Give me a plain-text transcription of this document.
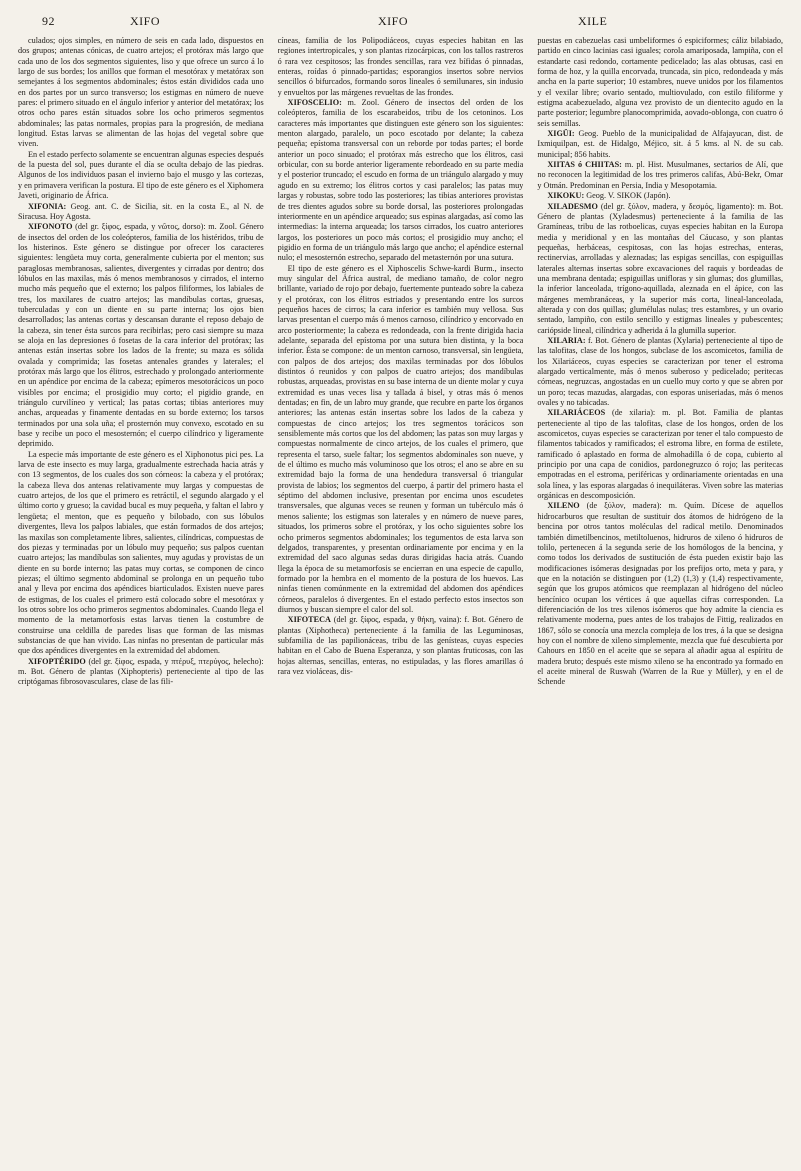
92	XIFO	XIFO	XILE

culados; ojos simples, en número de seis en cada lado, dispuestos en dos grupos; antenas cónicas, de cuatro artejos; el protórax más largo que cada uno de los dos segmentos siguientes, liso y que ofrece un surco á lo largo de sus bordes; los anillos que forman el mesotórax y metatórax son semejantes á los segmentos abdominales; éstos están divididos cada uno en dos partes por un surco transverso; los estigmas en número de nueve pares: el primero situado en el ángulo inferior y anterior del metatórax; los otros ocho pares están situados sobre los ocho primeros segmentos abdominales; las patas normales, propias para la progresión, de mediana longitud. Estas larvas se alimentan de las hojas del vegetal sobre que viven.

En el estado perfecto solamente se encuentran algunas especies después de la puesta del sol, pues durante el día se oculta debajo de las piedras. Algunos de los individuos pasan el invierno bajo el musgo y las cortezas, y en primavera verifican la postura. El tipo de este género es el Xiphomera Javeti, originario de África.

XIFONIA: Geog. ant. C. de Sicilia, sit. en la costa E., al N. de Siracusa. Hoy Agosta.

XIFONOTO (del gr. ξίφος, espada, y νῶτος, dorso): m. Zool. Género de insectos del orden de los coleópteros, familia de los histéridos, tribu de los histerinos. Este género se distingue por ofrecer los caracteres siguientes: lengüeta muy corta, generalmente cubierta por el menton; sus paraglosas membranosas, salientes, divergentes y cirradas por dentro; dos lóbulos en las maxilas, más ó menos membranosos y cirrados, el interno mucho más pequeño que el externo; los palpos filiformes, los labiales de tres, los maxilares de cuatro artejos; las mandíbulas cortas, gruesas, tuberculadas y con un diente en su parte interna; los ojos bien desarrollados; las antenas cortas y descansan durante el reposo debajo de la cabeza, sin tener ésta surcos para recibirlas; pero casi siempre su maza se aloja en las depresiones ó fosetas de la cara inferior del protórax; las antenas están insertas sobre los lados de la frente; su maza es sólida ovalada y comprimida; las fosetas antenales grandes y laterales; el protórax más largo que los élitros, estrechado y prolongado anteriormente en un apéndice por encima de la cabeza; epímeros mesotorácicos un poco visibles por encima; el prosigidio muy corto; el pigidio grande, en triángulo curvilíneo y vertical; las patas cortas; tibias anteriores muy anchas, arqueadas y finamente dentadas en su borde externo; los tarsos terminados por una sola uña; el prosternón muy convexo, escotado en su base y recibe un poco el mesosternón; el cuerpo cilíndrico y ligeramente deprimido.

La especie más importante de este género es el Xiphonotus pici pes. La larva de este insecto es muy larga, gradualmente estrechada hacia atrás y con 13 segmentos, de los cuales dos son córneos: la cabeza y el protórax; la cabeza lleva dos antenas relativamente muy largas y compuestas de cuatro artejos, de los que el primero es retráctil, el segundo alargado y el último corto y grueso; la cavidad bucal es muy pequeña, y faltan el labro y lengüeta; el menton, que es pequeño y bilobado, con sus lóbulos divergentes, lleva los palpos labiales, que están formados de dos artejos; las maxilas son completamente libres, salientes, cilíndricas, compuestas de dos piezas y terminadas por un lóbulo muy pequeño; sus palpos cuentan cuatro artejos; las mandíbulas son salientes, muy agudas y provistas de un diente en su borde interno; las patas muy cortas, se componen de cinco piezas; el último segmento abdominal se prolonga en un pequeño tubo anal y lleva por encima dos apéndices biarticulados. Existen nueve pares de estigmas, de los cuales el primero está colocado sobre el mesotórax y los otros sobre los ocho primeros segmentos abdominales. Cuando llega el momento de la metamorfosis estas larvas tienen la costumbre de construirse una celdilla de paredes lisas que forman de las mismas substancias de que han vivido. Las ninfas no presentan de particular más que dos apéndices divergentes en la extremidad del abdomen.

XIFOPTÉRIDO (del gr. ξίφος, espada, y πτέρυξ, πτερύγος, helecho): m. Bot. Género de plantas (Xiphopteris) perteneciente al tipo de las criptógamas fibrosovasculares, clase de las fili-

cíneas, familia de los Polipodiáceos, cuyas especies habitan en las regiones intertropicales, y son plantas rizocárpicas, con los tallos rastreros ó rara vez cespitosos; las frondes sencillas, rara vez bífidas ó pinnadas, enteras, roídas ó pinnado-partidas; esporangios insertos sobre nervios sencillos ó bifurcados, formando soros lineales ó semilunares, sin indusio y envueltos por las márgenes revueltas de las frondes.

XIFOSCELIO: m. Zool. Género de insectos del orden de los coleópteros, familia de los escarabeidos, tribu de los cetoninos. Los caracteres más importantes que distinguen este género son los siguientes: menton alargado, paralelo, un poco escotado por delante; la cabeza pequeña; epístoma transversal con un reborde por todas partes; el borde anterior un poco sinuado; el protórax más estrecho que los élitros, casi orbicular, con su borde anterior ligeramente rebordeado en su parte media y el posterior truncado; el escudo en forma de un triángulo alargado y muy agudo en su extremo; los élitros cortos y casi paralelos; las patas muy largas y robustas, sobre todo las posteriores; las tibias anteriores provistas de tres dientes agudos sobre su borde dorsal, las posteriores prolongadas interiormente en un apéndice arqueado; sus espinas alargadas, así como las intermedias: la interna arqueada; los tarsos cirrados, los cuatro anteriores largos, los posteriores un poco más cortos; el prosigidio muy ancho; el pigidio en forma de un triángulo más largo que ancho; el apéndice esternal nulo; el mesosternón estrecho, separado del metasternón por una sutura.

El tipo de este género es el Xiphoscelis Schwe-kardi Burm., insecto muy singular del África austral, de mediano tamaño, de color negro brillante, variado de rojo por debajo, fuertemente punteado sobre la cabeza y el protórax, con los élitros estriados y presentando entre los surcos pequeños haces de cirros; la cara inferior es también muy vellosa. Sus larvas presentan el cuerpo más ó menos carnoso, cilíndrico y encorvado en arco posteriormente; la cabeza es redondeada, con la frente dirigida hacia adelante, separada del epístoma por una sutura bien distinta, y la boca inferior. Ésta se compone: de un menton carnoso, transversal, sin lengüeta, con palpos de dos artejos; dos maxilas terminadas por dos lóbulos distintos ó reunidos y con palpos de cuatro artejos; dos mandíbulas robustas, arqueadas, provistas en su base interna de un diente molar y cuya extremidad es unas veces lisa y tallada á bisel, y otras más ó menos dentadas; en fin, de un labro muy grande, que recubre en parte los órganos anteriores; las antenas están insertas sobre los lados de la cabeza y compuestas de cinco artejos; los tres segmentos torácicos son sensiblemente más cortos que los del abdomen; las patas son muy largas y compuestas normalmente de cinco artejos, de los cuales el primero, que representa el tarso, suele faltar; los segmentos abdominales son nueve, y de el último es mucho más voluminoso que los otros; el ano se abre en su extremidad bajo la forma de una hendedura transversal ó triangular provista de labios; los segmentos del cuerpo, á partir del primero hasta el séptimo del abdomen inclusive, presentan por encima unos escudetes transversales, que algunas veces se reunen y forman un tubérculo más ó menos saliente; los estigmas son laterales y en número de nueve pares, situados, los primeros sobre el protórax, y los ocho siguientes sobre los ocho primeros segmentos abdominales; los tegumentos de esta larva son delgados, transparentes, y presentan ordinariamente por encima y en la extremidad del saco algunas sedas duras dirigidas hacia atrás. Cuando llega la época de su metamorfosis se encierran en una especie de capullo, formado por la hembra en el momento de la postura de los huevos. Las ninfas tienen comúnmente en la extremidad del abdomen dos apéndices córneos, paralelos ó divergentes. En el estado perfecto estos insectos son diurnos y buscan siempre el calor del sol.

XIFOTECA (del gr. ξίφος, espada, y θήκη, vaina): f. Bot. Género de plantas (Xiphotheca) perteneciente á la familia de las Leguminosas, subfamilia de las papilionáceas, tribu de las genísteas, cuyas especies habitan en el Cabo de Buena Esperanza, y son plantas fruticosas, con las hojas alternas, sencillas, enteras, no estipuladas, y las flores amarillas ó rara vez violáceas, dis-

puestas en cabezuelas casi umbeliformes ó espiciformes; cáliz bilabiado, partido en cinco lacinias casi iguales; corola amariposada, lampiña, con el estandarte casi redondo, cortamente pedicelado; las alas obtusas, casi en forma de hoz, y la quilla encorvada, truncada, sin pico, redondeada y más ancha en la parte superior; 10 estambres, nueve unidos por los filamentos y el vexilar libre; ovario sentado, multiovulado, con estilo filiforme y estigma acabezuelado, alguna vez provisto de un dientecito agudo en la parte posterior; legumbre planocomprimida, aovado-oblonga, con cuatro ó seis semillas.

XIGÜI: Geog. Pueblo de la municipalidad de Alfajayucan, dist. de Ixmiquilpan, est. de Hidalgo, Méjico, sit. á 5 kms. al N. de su cab. municipal; 856 habits.

XIITAS ó CHIITAS: m. pl. Hist. Musulmanes, sectarios de Alí, que no reconocen la legitimidad de los tres primeros califas, Abú-Bekr, Omar y Otmán. Predominan en Persia, India y Mesopotamia.

XIKOKU: Geog. V. SIKOK (Japón).

XILADESMO (del gr. ξύλον, madera, y δεσμός, ligamento): m. Bot. Género de plantas (Xyladesmus) perteneciente á la familia de las Gramíneas, tribu de las rotboelicas, cuyas especies habitan en la Europa media y meridional y en las montañas del Cáucaso, y son plantas pequeñas, herbáceas, cespitosas, con las hojas estrechas, enteras, rectinervias, arrolladas y aleznadas; las espigas sencillas, con espiguillas laterales alternas insertas sobre excavaciones del raquis y bordeadas de una membrana dentada; espiguillas unifloras y sin glumas; dos glumillas, la inferior lanceolada, trígono-aquillada, aleznada en el ápice, con las márgenes membranáceas, y la superior más corta, lineal-lanceolada, alterada y con dos quillas; glumélulas nulas; tres estambres, y un ovario sentado, lampiño, con estilo sencillo y estigmas lineales y pubescentes; cariópside lineal, cilíndrica y adherida á la glumilla superior.

XILARIA: f. Bot. Género de plantas (Xylaria) perteneciente al tipo de las talofitas, clase de los hongos, subclase de los ascomicetos, familia de los Xilariáceos, cuyas especies se caracterizan por tener el estroma alargado verticalmente, más ó menos suberoso y pedicelado; peritecas córneas, negruzcas, angostadas en un cuello muy corto y que se abren por un poro; tecas mazudas, alargadas, con esporas uniseriadas, más ó menos ovales y no tabicadas.

XILARIÁCEOS (de xilaria): m. pl. Bot. Familia de plantas perteneciente al tipo de las talofitas, clase de los hongos, orden de los ascomicetos, cuyas especies se caracterizan por tener el talo compuesto de filamentos tabicados y ramificados; el estroma libre, en forma de estilete, ramificado ó aplastado en forma de almohadilla ó de copa, cubierto al principio por una capa de conidios, pardonegruzco ó rojo; las peritecas empotradas en el estroma, periféricas y ordinariamente orientadas en una sola línea, y las esporas alargadas ó inequiláteras. Viven sobre las materias orgánicas en descomposición.

XILENO (de ξύλον, madera): m. Quím. Dícese de aquellos hidrocarburos que resultan de sustituir dos átomos de hidrógeno de la bencina por otros tantos moléculas del radical metilo. Denominados también dimetilbencinos, metiltoluenos, hidruros de xileno ó hidruros de tolilo, pertenecen á la segunda serie de los homólogos de la bencina, y como todos los derivados de sustitución de ésta pueden existir bajo las modificaciones isómeras designadas por los prefijos orto, meta y para, y que en la notación se distinguen por (1,2) (1,3) y (1,4) respectivamente, según que los grupos atómicos que reemplazan al hidrógeno del núcleo bencínico ocupan los vértices á que aquellas cifras corresponden. La diferenciación de los tres xilenos isómeros que hoy admite la ciencia es relativamente moderna, pues antes de los trabajos de Fittig, realizados en 1867, sólo se conocía una mezcla compleja de los tres, á la que se designa hoy con el nombre de xileno simplemente, mezcla que fué descubierta por Cahours en 1850 en el aceite que se separa al añadir agua al espíritu de madera bruto; después este mismo xileno se ha encontrado ya formado en el aceite mineral de Ruswah (Warren de la Rue y Müller), y en el de Schende
